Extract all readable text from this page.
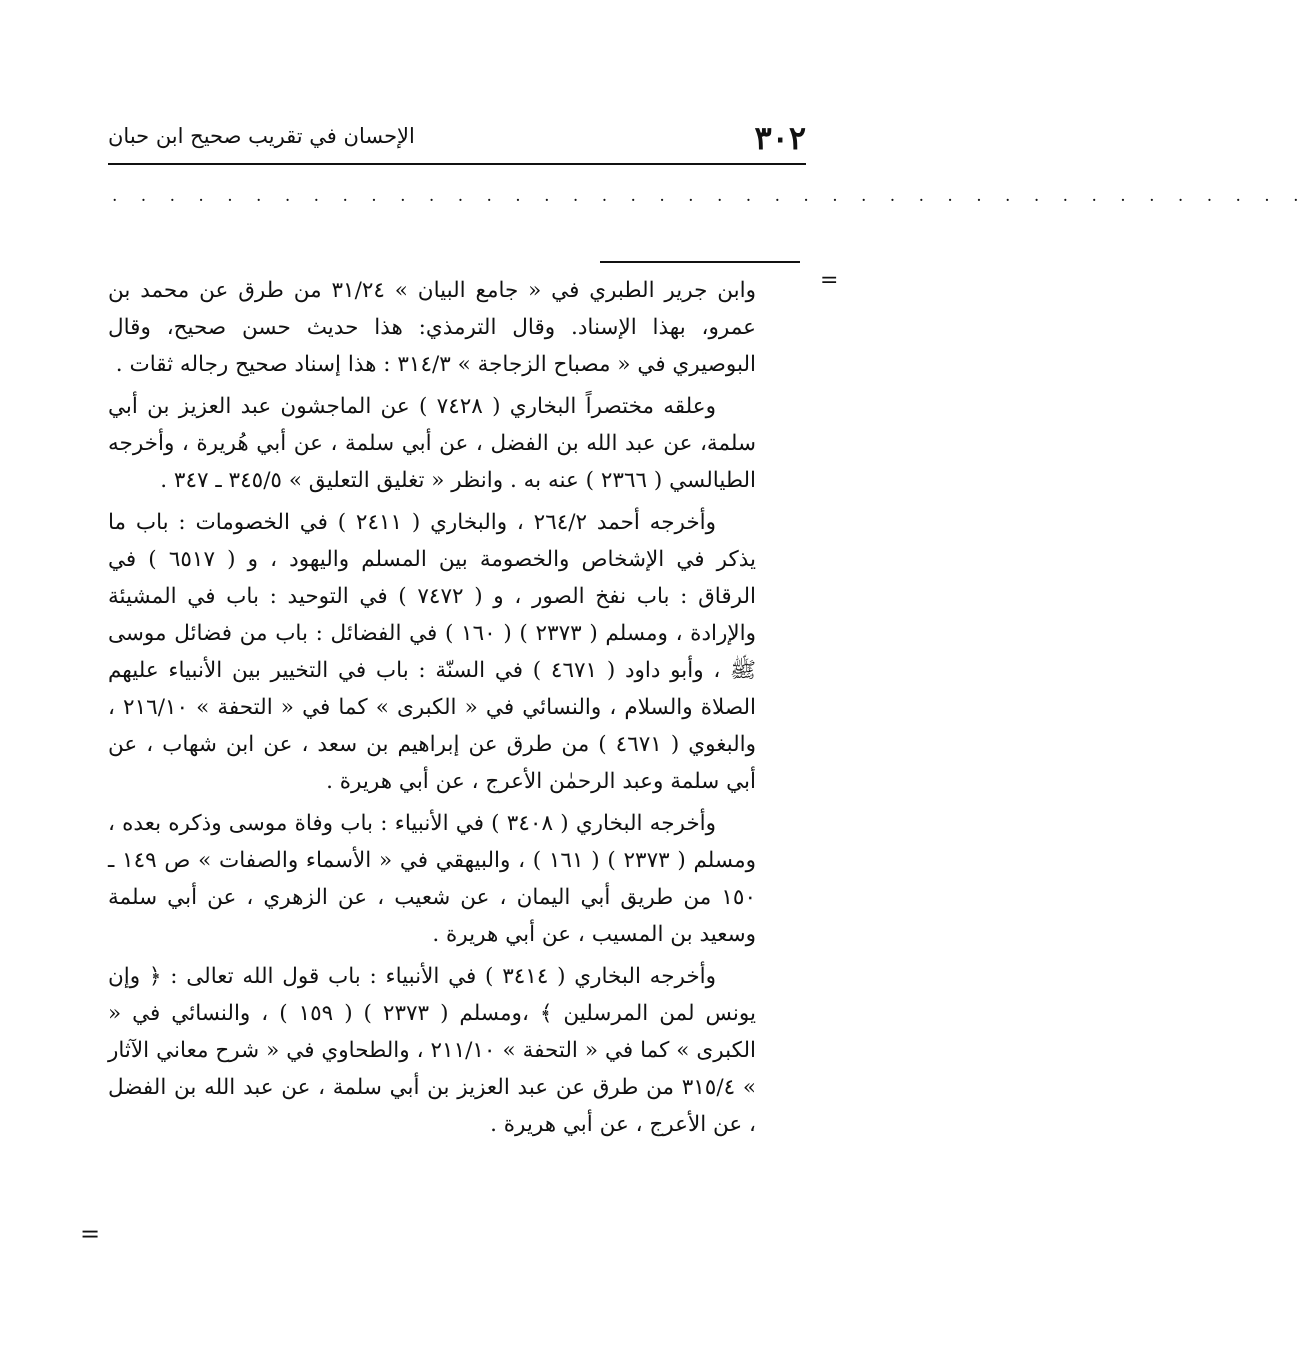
٣٠٢
الإحسان في تقريب صحيح ابن حبان
. . . . . . . . . . . . . . . . . . . . . . . . . . . . . . . . . . . . . . . . . .
=

وابن جرير الطبري في « جامع البيان » ٣١/٢٤ من طرق عن محمد بن عمرو، بهذا الإسناد. وقال الترمذي: هذا حديث حسن صحيح، وقال البوصيري في « مصباح الزجاجة » ٣١٤/٣ : هذا إسناد صحيح رجاله ثقات .

وعلقه مختصراً البخاري ( ٧٤٢٨ ) عن الماجشون عبد العزيز بن أبي سلمة، عن عبد الله بن الفضل ، عن أبي سلمة ، عن أبي هُريرة ، وأخرجه الطيالسي ( ٢٣٦٦ ) عنه به . وانظر « تغليق التعليق » ٣٤٥/٥ ـ ٣٤٧ .

وأخرجه أحمد ٢٦٤/٢ ، والبخاري ( ٢٤١١ ) في الخصومات : باب ما يذكر في الإشخاص والخصومة بين المسلم واليهود ، و ( ٦٥١٧ ) في الرقاق : باب نفخ الصور ، و ( ٧٤٧٢ ) في التوحيد : باب في المشيئة والإرادة ، ومسلم ( ٢٣٧٣ ) ( ١٦٠ ) في الفضائل : باب من فضائل موسى ﷺ ، وأبو داود ( ٤٦٧١ ) في السنّة : باب في التخيير بين الأنبياء عليهم الصلاة والسلام ، والنسائي في « الكبرى » كما في « التحفة » ٢١٦/١٠ ، والبغوي ( ٤٦٧١ ) من طرق عن إبراهيم بن سعد ، عن ابن شهاب ، عن أبي سلمة وعبد الرحمٰن الأعرج ، عن أبي هريرة .

وأخرجه البخاري ( ٣٤٠٨ ) في الأنبياء : باب وفاة موسى وذكره بعده ، ومسلم ( ٢٣٧٣ ) ( ١٦١ ) ، والبيهقي في « الأسماء والصفات » ص ١٤٩ ـ ١٥٠ من طريق أبي اليمان ، عن شعيب ، عن الزهري ، عن أبي سلمة وسعيد بن المسيب ، عن أبي هريرة .

وأخرجه البخاري ( ٣٤١٤ ) في الأنبياء : باب قول الله تعالى : ﴿ وإن يونس لمن المرسلين ﴾ ،ومسلم ( ٢٣٧٣ ) ( ١٥٩ ) ، والنسائي في « الكبرى » كما في « التحفة » ٢١١/١٠ ، والطحاوي في « شرح معاني الآثار » ٣١٥/٤ من طرق عن عبد العزيز بن أبي سلمة ، عن عبد الله بن الفضل ، عن الأعرج ، عن أبي هريرة .

=
